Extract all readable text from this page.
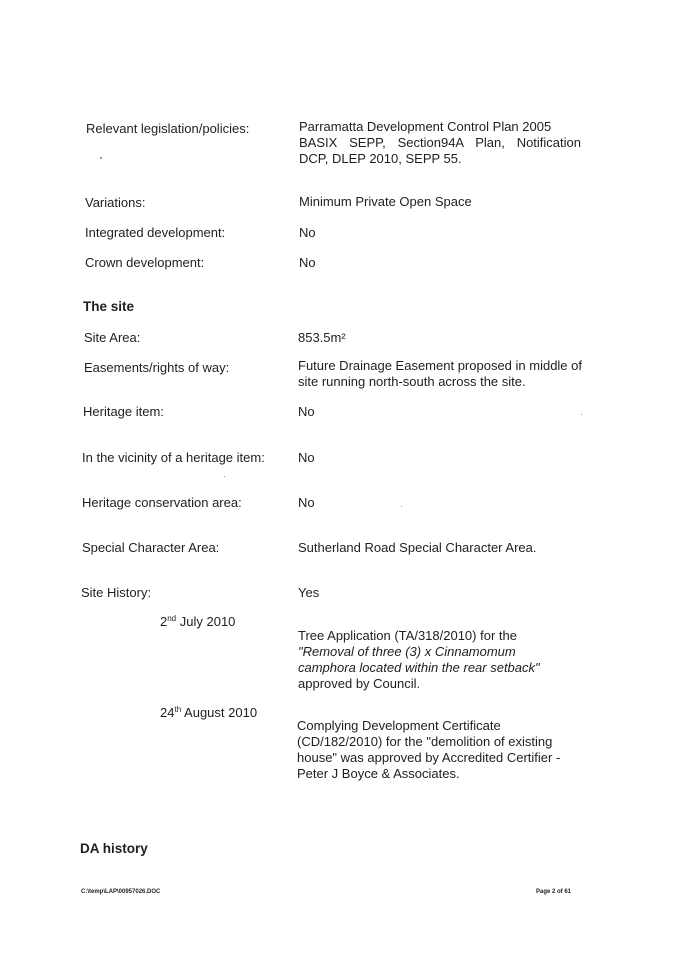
Relevant legislation/policies:	Parramatta Development Control Plan 2005
BASIX SEPP, Section94A Plan, Notification DCP, DLEP 2010, SEPP 55.
Variations:	Minimum Private Open Space
Integrated development:	No
Crown development:	No
The site
Site Area:	853.5m²
Easements/rights of way:	Future Drainage Easement proposed in middle of site running north-south across the site.
Heritage item:	No
In the vicinity of a heritage item:	No
Heritage conservation area:	No
Special Character Area:	Sutherland Road Special Character Area.
Site History:	Yes
2nd July 2010
Tree Application (TA/318/2010) for the "Removal of three (3) x Cinnamomum camphora located within the rear setback" approved by Council.
24th August 2010
Complying Development Certificate (CD/182/2010) for the "demolition of existing house" was approved by Accredited Certifier - Peter J Boyce & Associates.
DA history
C:\temp\LAP\00957026.DOC	Page 2 of 61
